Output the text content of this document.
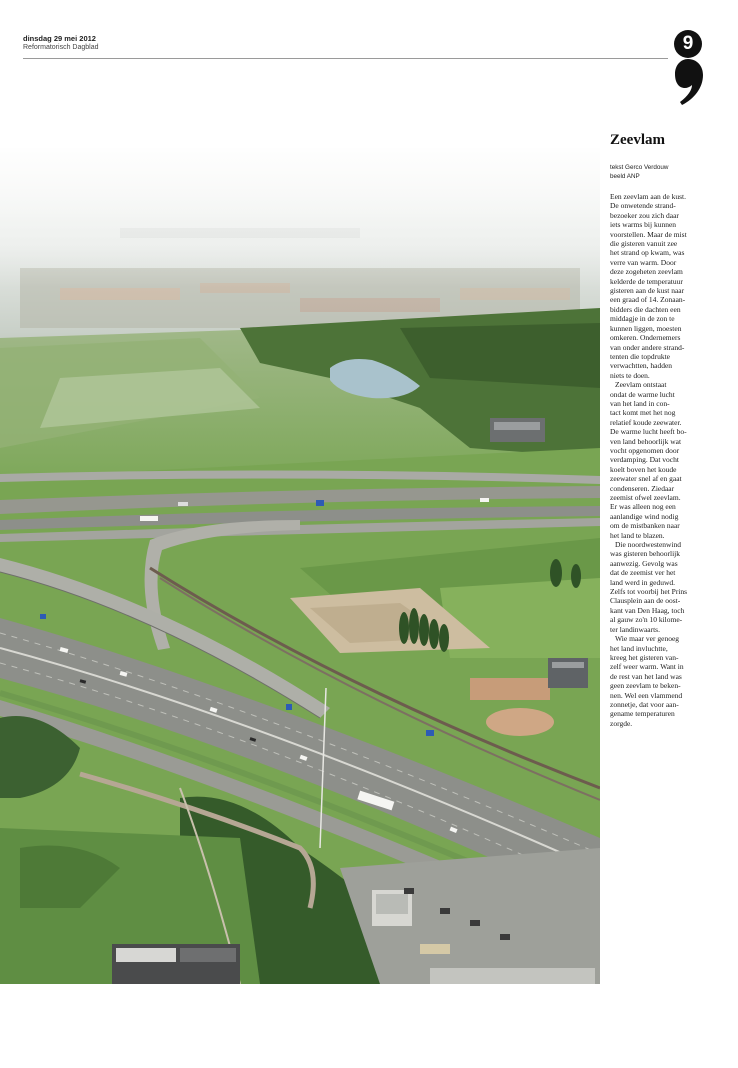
dinsdag 29 mei 2012
Reformatorisch Dagblad	9
Zeevlam
tekst Gerco Verdouw
beeld ANP

Een zeevlam aan de kust.
De onwetende strand-
bezoeker zou zich daar
iets warms bij kunnen
voorstellen. Maar de mist
die gisteren vanuit zee
het strand op kwam, was
verre van warm. Door
deze zogeheten zeevlam
kelderde de temperatuur
gisteren aan de kust naar
een graad of 14. Zonaan-
bidders die dachten een
middagje in de zon te
kunnen liggen, moesten
omkeren. Ondernemers
van onder andere strand-
tenten die topdrukte
verwachtten, hadden
niets te doen.

Zeevlam ontstaat
ondat de warme lucht
van het land in con-
tact komt met het nog
relatief koude zeewater.
De warme lucht heeft bo-
ven land behoorlijk wat
vocht opgenomen door
verdamping. Dat vocht
koelt boven het koude
zeewater snel af en gaat
condenseren. Ziedaar
zeemist ofwel zeevlam.
Er was alleen nog een
aanlandige wind nodig
om de mistbanken naar
het land te blazen.

Die noordwestenwind
was gisteren behoorlijk
aanwezig. Gevolg was
dat de zeemist ver het
land werd in geduwd.
Zelfs tot voorbij het Prins
Clausplein aan de oost-
kant van Den Haag, toch
al gauw zo'n 10 kilome-
ter landinwaarts.

Wie maar ver genoeg
het land invluchtte,
kreeg het gisteren van-
zelf weer warm. Want in
de rest van het land was
geen zeevlam te beken-
nen. Wel een vlammend
zonnetje, dat voor aan-
gename temperaturen
zorgde.
